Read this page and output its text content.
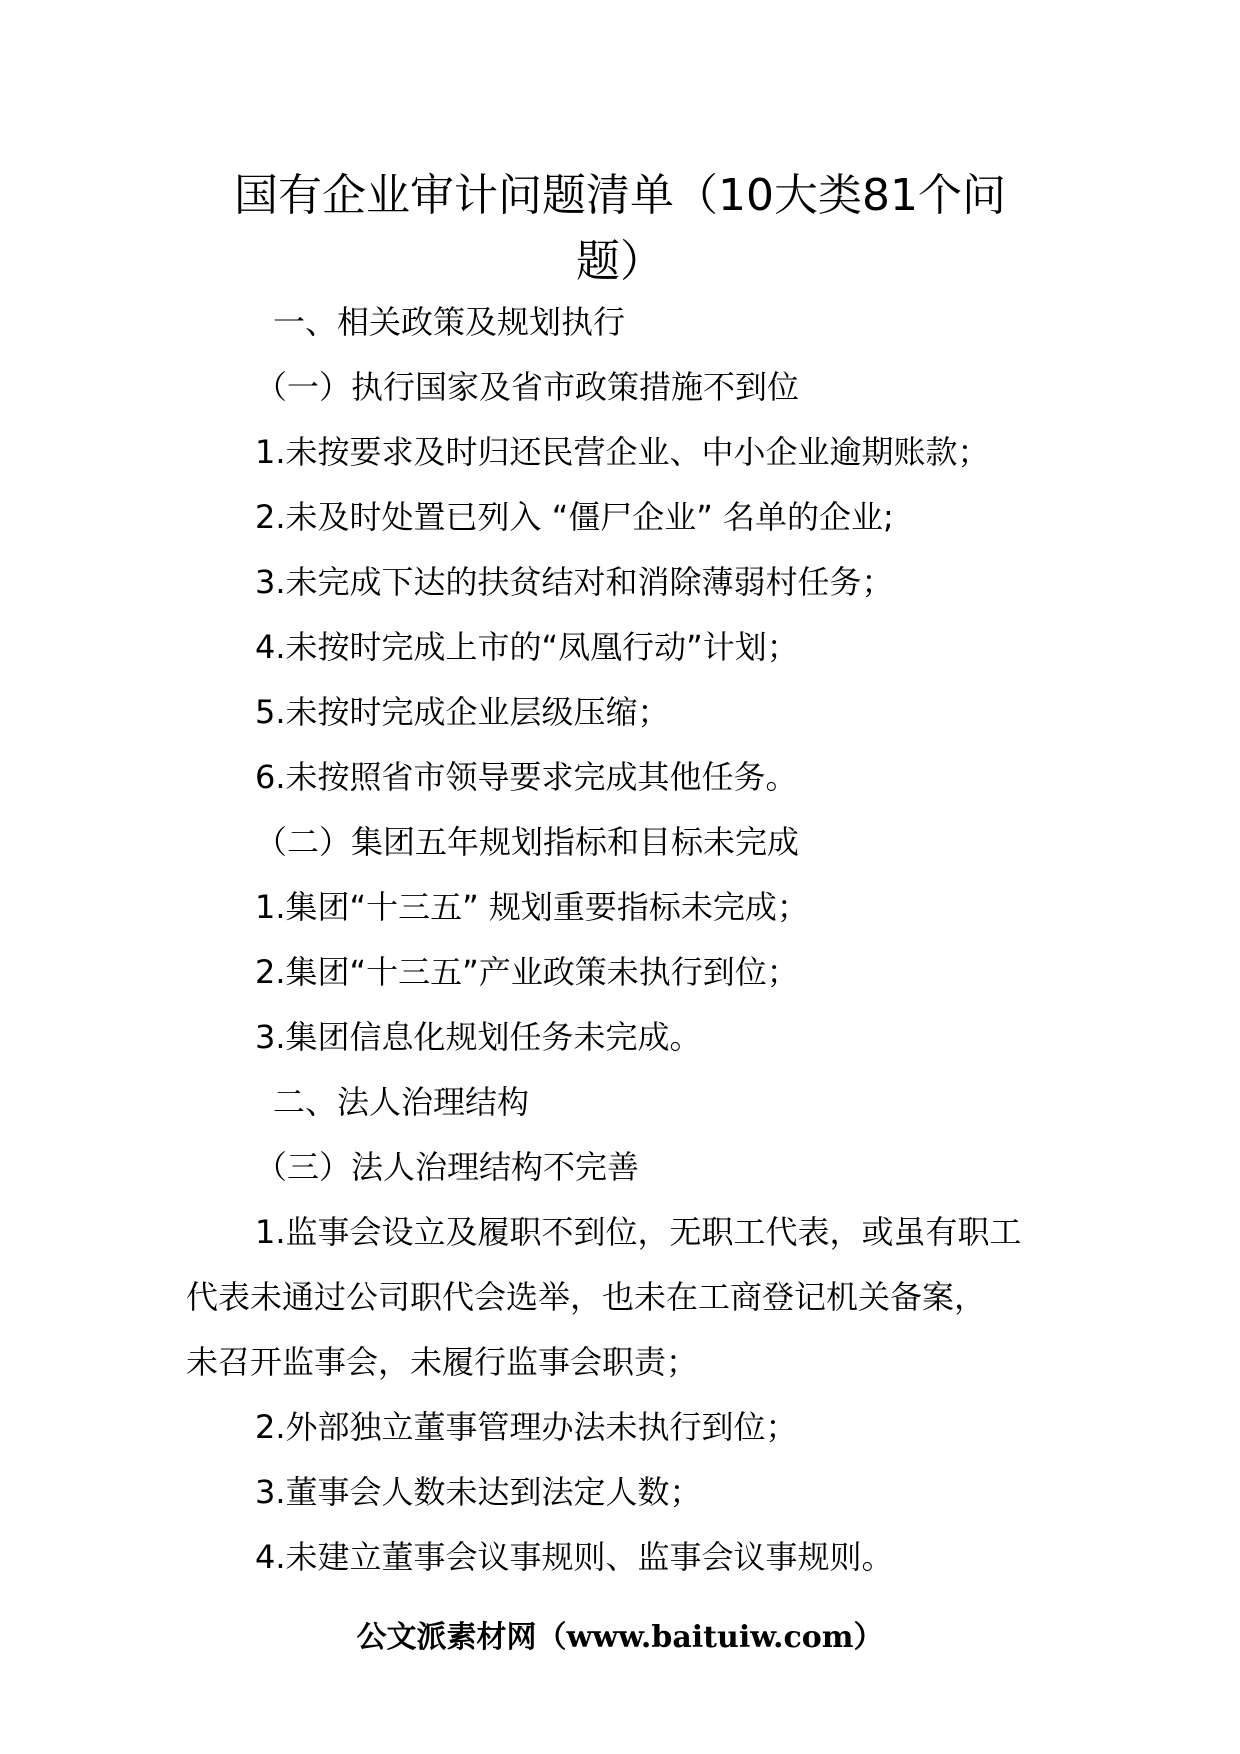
国有企业审计问题清单（10大类81个问
题）
一、相关政策及规划执行
（一）执行国家及省市政策措施不到位
1.未按要求及时归还民营企业、中小企业逾期账款；
2.未及时处置已列入 “僵尸企业” 名单的企业;
3.未完成下达的扶贫结对和消除薄弱村任务；
4.未按时完成上市的“凤凰行动”计划；
5.未按时完成企业层级压缩；
6.未按照省市领导要求完成其他任务。
（二）集团五年规划指标和目标未完成
1.集团“十三五” 规划重要指标未完成；
2.集团“十三五”产业政策未执行到位；
3.集团信息化规划任务未完成。
二、法人治理结构
（三）法人治理结构不完善
1.监事会设立及履职不到位，无职工代表，或虽有职工
代表未通过公司职代会选举，也未在工商登记机关备案，
未召开监事会，未履行监事会职责；
2.外部独立董事管理办法未执行到位；
3.董事会人数未达到法定人数；
4.未建立董事会议事规则、监事会议事规则。
公文派素材网（www.baituiw.com）
